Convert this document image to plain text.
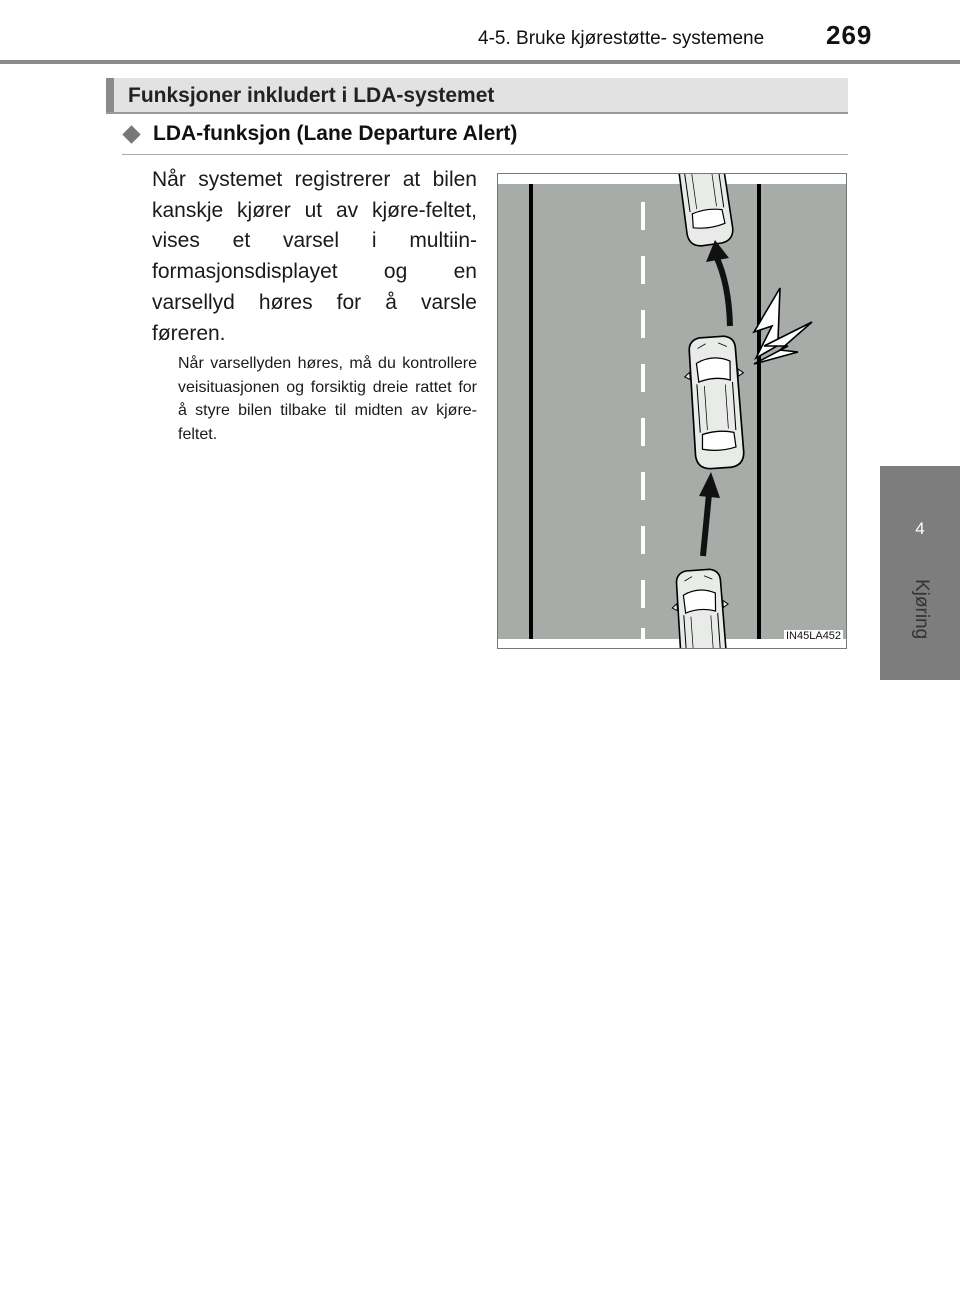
4-5. Bruke kjørestøtte- systemene 269
4
Kjøring
Funksjoner inkludert i LDA-systemet
LDA-funksjon (Lane Departure Alert)
Når systemet registrerer at bilen kanskje kjører ut av kjøre-feltet, vises et varsel i multiin-formasjonsdisplayet og en varsellyd høres for å varsle føreren.
Når varsellyden høres, må du kontrollere veisituasjonen og forsiktig dreie rattet for å styre bilen tilbake til midten av kjøre-feltet.
IN45LA452
